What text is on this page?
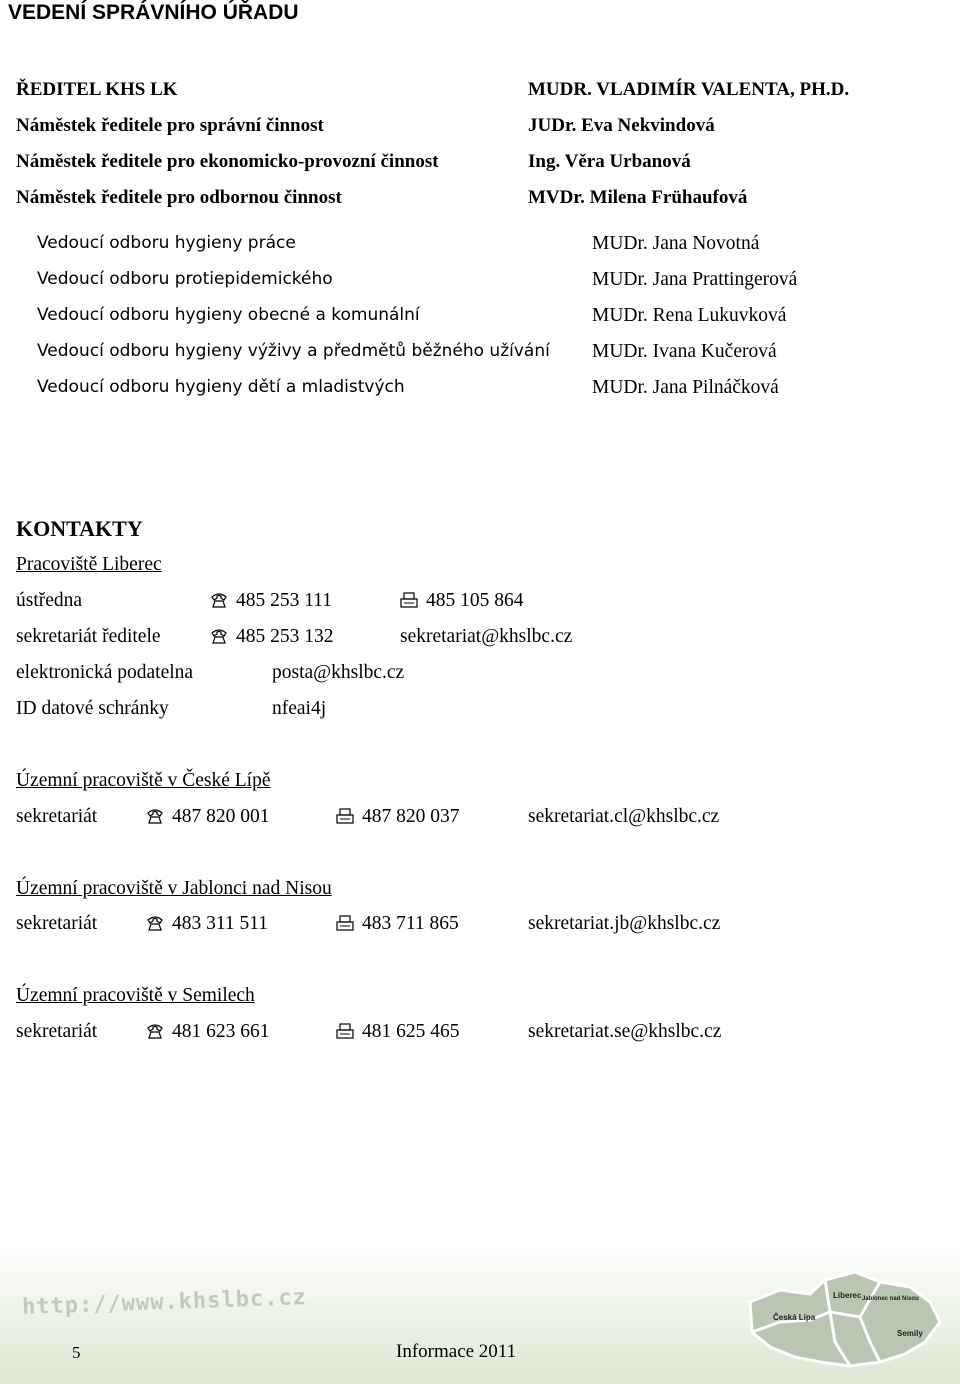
VEDENÍ SPRÁVNÍHO ÚŘADU
ŘEDITEL KHS LK	MUDR. VLADIMÍR VALENTA, PH.D.
Náměstek ředitele pro správní činnost	JUDr. Eva Nekvindová
Náměstek ředitele pro ekonomicko-provozní činnost	Ing. Věra Urbanová
Náměstek ředitele pro odbornou činnost	MVDr. Milena Frühaufová
Vedoucí odboru hygieny práce	MUDr. Jana Novotná
Vedoucí odboru protiepidemického	MUDr. Jana Prattingerová
Vedoucí odboru hygieny obecné a komunální	MUDr. Rena Lukuvková
Vedoucí odboru hygieny výživy a předmětů běžného užívání MUDr. Ivana Kučerová
Vedoucí odboru hygieny dětí a mladistvých	MUDr. Jana Pilnáčková
KONTAKTY
Pracoviště Liberec
ústředna	485 253 111	485 105 864
sekretariát ředitele	485 253 132	sekretariat@khslbc.cz
elektronická podatelna	posta@khslbc.cz
ID datové schránky	nfeai4j
Územní pracoviště v České Lípě
sekretariát	487 820 001	487 820 037	sekretariat.cl@khslbc.cz
Územní pracoviště v Jablonci nad Nisou
sekretariát	483 311 511	483 711 865	sekretariat.jb@khslbc.cz
Územní pracoviště v Semilech
sekretariát	481 623 661	481 625 465	sekretariat.se@khslbc.cz
http://www.khslbc.cz	Liberec Jablonec nad Nisou
Česká Lípa
Semily
5	Informace 2011
